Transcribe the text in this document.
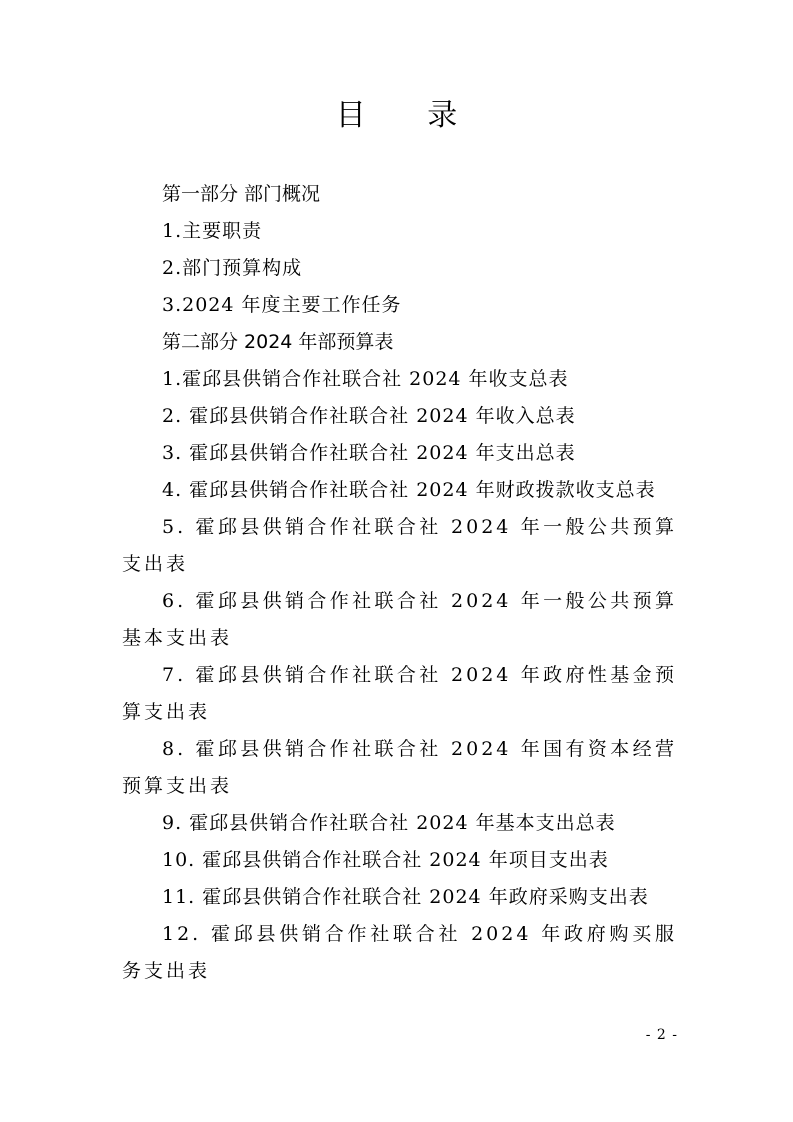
目 录
第一部分 部门概况
1.主要职责
2.部门预算构成
3.2024 年度主要工作任务
第二部分 2024 年部预算表
1.霍邱县供销合作社联合社 2024 年收支总表
2. 霍邱县供销合作社联合社 2024 年收入总表
3. 霍邱县供销合作社联合社 2024 年支出总表
4. 霍邱县供销合作社联合社 2024 年财政拨款收支总表

5. 霍邱县供销合作社联合社 2024 年一般公共预算支出表

6. 霍邱县供销合作社联合社 2024 年一般公共预算基本支出表

7. 霍邱县供销合作社联合社 2024 年政府性基金预算支出表

8. 霍邱县供销合作社联合社 2024 年国有资本经营预算支出表

9. 霍邱县供销合作社联合社 2024 年基本支出总表
10. 霍邱县供销合作社联合社 2024 年项目支出表
11. 霍邱县供销合作社联合社 2024 年政府采购支出表

12. 霍邱县供销合作社联合社 2024 年政府购买服务支出表

- 2 -
